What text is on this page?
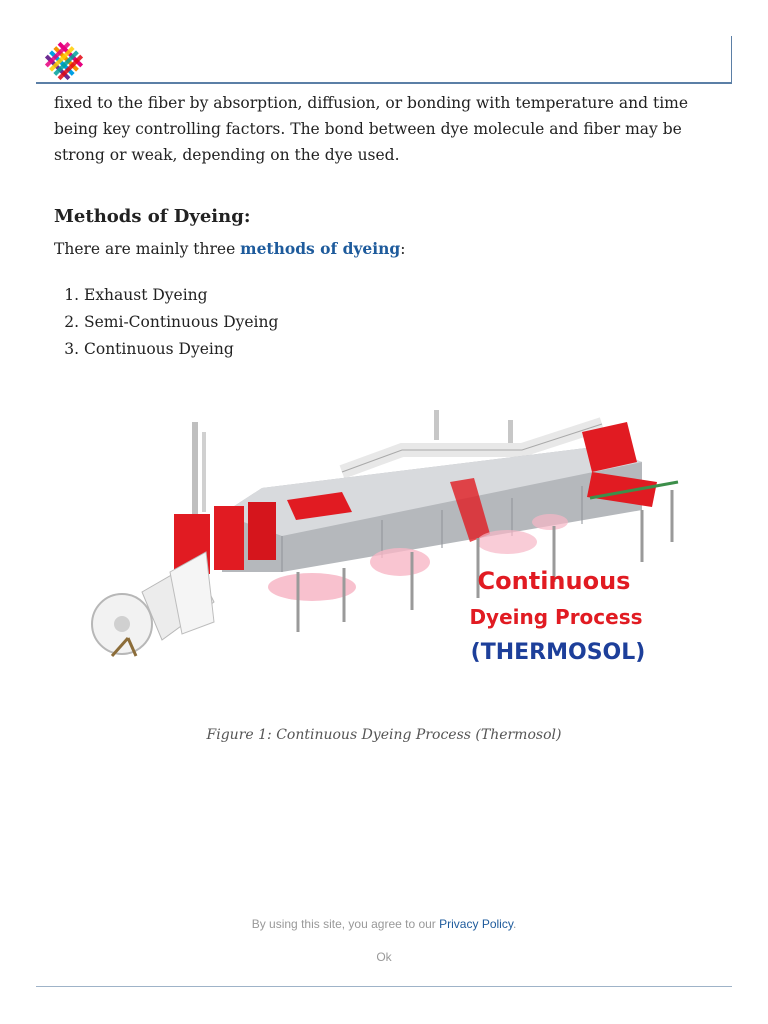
fixed to the fiber by absorption, diffusion, or bonding with temperature and time being key controlling factors. The bond between dye molecule and fiber may be strong or weak, depending on the dye used.

Methods of Dyeing:

There are mainly three methods of dyeing:

1. Exhaust Dyeing
2. Semi-Continuous Dyeing
3. Continuous Dyeing
Continuous
Dyeing Process
(THERMOSOL)

Figure 1: Continuous Dyeing Process (Thermosol)

By using this site, you agree to our Privacy Policy.
Ok
